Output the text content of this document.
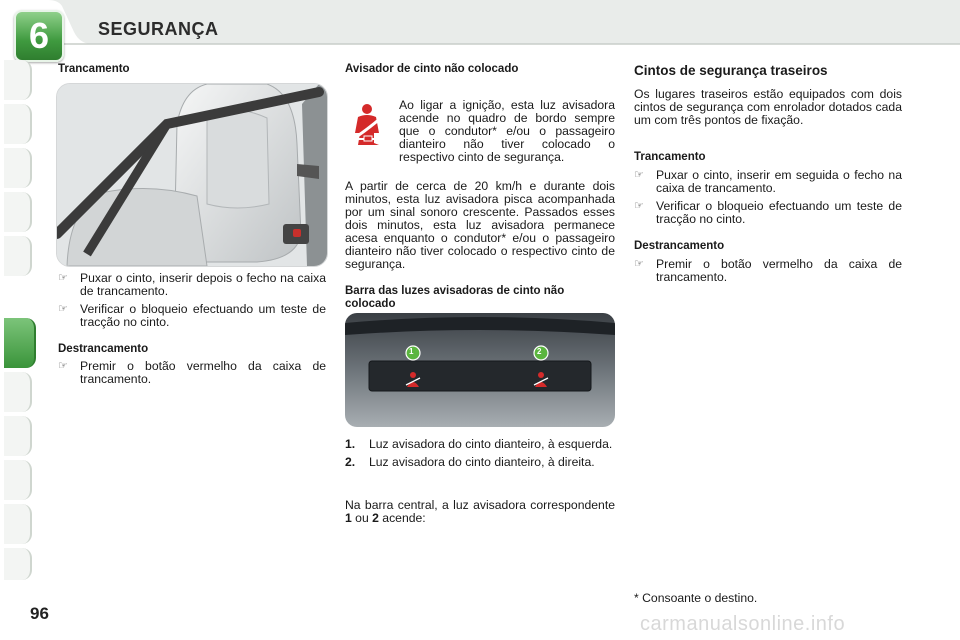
6	SEGURANÇA
Trancamento
☞ Puxar o cinto, inserir depois o fecho na caixa de trancamento.
☞ Verificar o bloqueio efectuando um teste de tracção no cinto.
Destrancamento
☞ Premir o botão vermelho da caixa de trancamento.
Avisador de cinto não colocado
Ao ligar a ignição, esta luz avisadora acende no quadro de bordo sempre que o condutor* e/ou o passageiro dianteiro não tiver colocado o respectivo cinto de segurança.
A partir de cerca de 20 km/h e durante dois minutos, esta luz avisadora pisca acompanhada por um sinal sonoro crescente. Passados esses dois minutos, esta luz avisadora permanece acesa enquanto o condutor* e/ou o passageiro dianteiro não tiver colocado o respectivo cinto de segurança.
Barra das luzes avisadoras de cinto não colocado
1	2
1. Luz avisadora do cinto dianteiro, à esquerda.
2. Luz avisadora do cinto dianteiro, à direita.
Na barra central, a luz avisadora correspondente 1 ou 2 acende:
Cintos de segurança traseiros
Os lugares traseiros estão equipados com dois cintos de segurança com enrolador dotados cada um com três pontos de fixação.
Trancamento
☞ Puxar o cinto, inserir em seguida o fecho na caixa de trancamento.
☞ Verificar o bloqueio efectuando um teste de tracção no cinto.
Destrancamento
☞ Premir o botão vermelho da caixa de trancamento.
* Consoante o destino.
96	carmanualsonline.info
